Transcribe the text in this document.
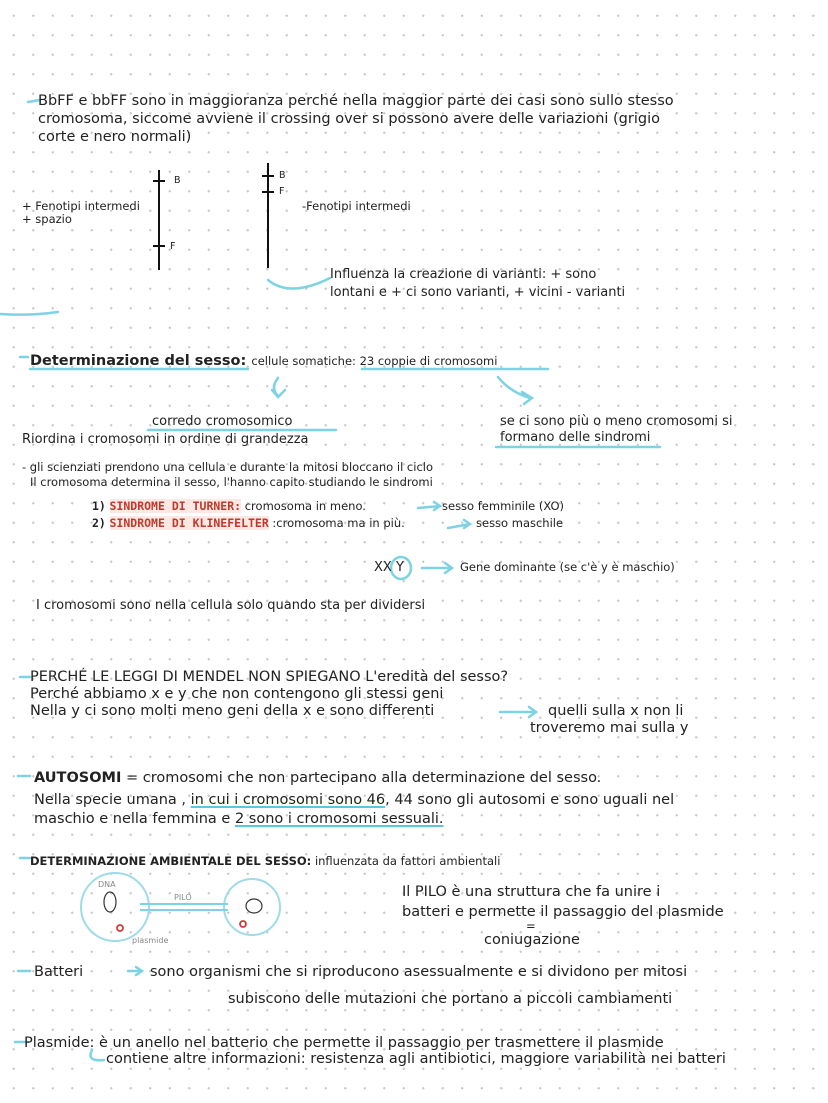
BbFF e bbFF sono in maggioranza perché nella maggior parte dei casi sono sullo stesso
cromosoma, siccome avviene il crossing over si possono avere delle variazioni (grigio
corte e nero normali)
B
F
B
F
+ Fenotipi intermedi
+ spazio
-Fenotipi intermedi
Influenza la creazione di varianti: + sono
lontani e + ci sono varianti, + vicini - varianti
Determinazione del sesso: cellule somatiche: 23 coppie di cromosomi
corredo cromosomico
Riordina i cromosomi in ordine di grandezza
se ci sono più o meno cromosomi si
formano delle sindromi
- gli scienziati prendono una cellula e durante la mitosi bloccano il ciclo
Il cromosoma determina il sesso, l'hanno capito studiando le sindromi
1) SINDROME DI TURNER: cromosoma in meno.	sesso femminile (XO)
2) SINDROME DI KLINEFELTER :cromosoma ma in più.	sesso maschile
XX Y	Gene dominante (se c'è y è maschio)
I cromosomi sono nella cellula solo quando sta per dividersi
PERCHÉ LE LEGGI DI MENDEL NON SPIEGANO L'eredità del sesso?
Perché abbiamo x e y che non contengono gli stessi geni
Nella y ci sono molti meno geni della x e sono differenti	quelli sulla x non li
troveremo mai sulla y
AUTOSOMI = cromosomi che non partecipano alla determinazione del sesso.
Nella specie umana , in cui i cromosomi sono 46, 44 sono gli autosomi e sono uguali nel
maschio e nella femmina e 2 sono i cromosomi sessuali.
DETERMINAZIONE AMBIENTALE DEL SESSO: influenzata da fattori ambientali
DNA
PILO
plasmide
Il PILO è una struttura che fa unire i
batteri e permette il passaggio del plasmide
=
coniugazione
Batteri	sono organismi che si riproducono asessualmente e si dividono per mitosi
subiscono delle mutazioni che portano a piccoli cambiamenti
Plasmide: è un anello nel batterio che permette il passaggio per trasmettere il plasmide
contiene altre informazioni: resistenza agli antibiotici, maggiore variabilità nei batteri
